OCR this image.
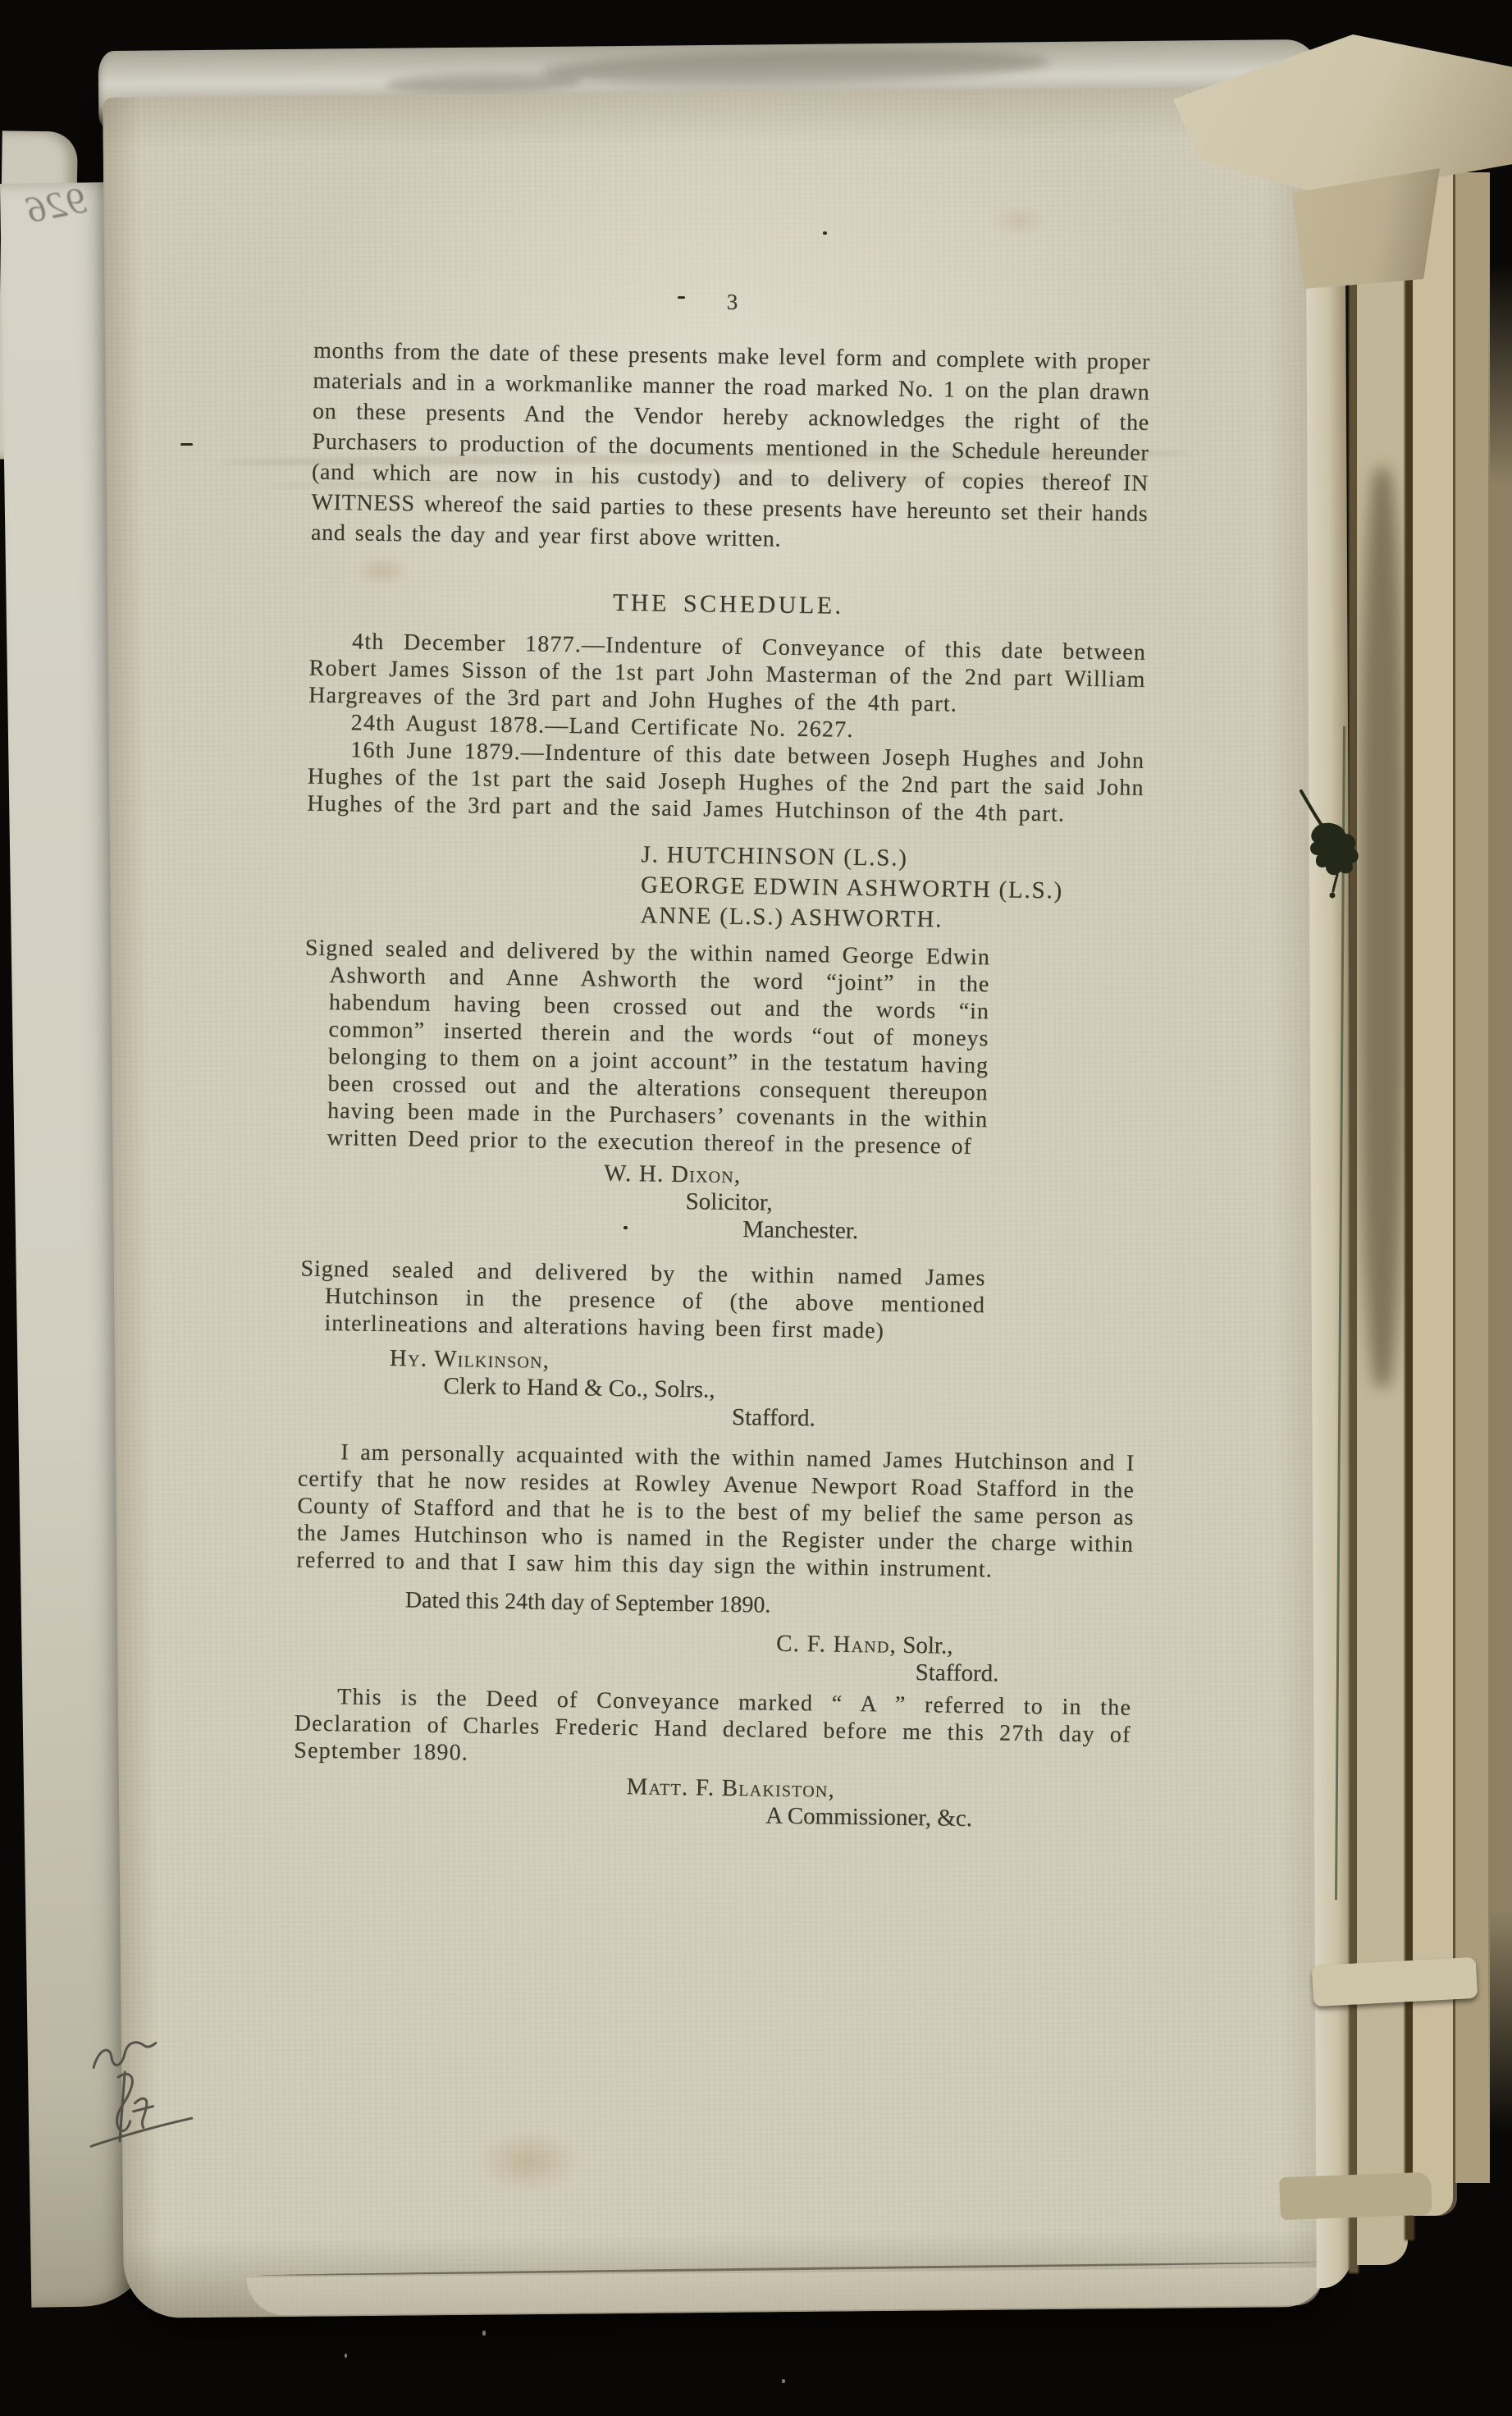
926
3
months from the date of these presents make level form and complete with proper materials and in a workmanlike manner the road marked No. 1 on the plan drawn on these presents And the Vendor hereby acknowledges the right of the Purchasers to production of the documents mentioned in the Schedule hereunder (and which are now in his custody) and to delivery of copies thereof IN WITNESS whereof the said parties to these presents have hereunto set their hands and seals the day and year first above written.
THE SCHEDULE.
4th December 1877.—Indenture of Conveyance of this date between Robert James Sisson of the 1st part John Masterman of the 2nd part William Hargreaves of the 3rd part and John Hughes of the 4th part.
24th August 1878.—Land Certificate No. 2627.
16th June 1879.—Indenture of this date between Joseph Hughes and John Hughes of the 1st part the said Joseph Hughes of the 2nd part the said John Hughes of the 3rd part and the said James Hutchinson of the 4th part.
J. HUTCHINSON (L.S.)
GEORGE EDWIN ASHWORTH (L.S.)
ANNE (L.S.) ASHWORTH.
Signed sealed and delivered by the within named George Edwin Ashworth and Anne Ashworth the word “joint” in the habendum having been crossed out and the words “in common” inserted therein and the words “out of moneys belonging to them on a joint account” in the testatum having been crossed out and the alterations consequent thereupon having been made in the Purchasers’ covenants in the within written Deed prior to the execution thereof in the presence of
W. H. Dixon,
Solicitor,
Manchester.
Signed sealed and delivered by the within named James Hutchinson in the presence of (the above mentioned interlineations and alterations having been first made)
Hy. Wilkinson,
Clerk to Hand & Co., Solrs.,
Stafford.
I am personally acquainted with the within named James Hutchinson and I certify that he now resides at Rowley Avenue Newport Road Stafford in the County of Stafford and that he is to the best of my belief the same person as the James Hutchinson who is named in the Register under the charge within referred to and that I saw him this day sign the within instrument.
Dated this 24th day of September 1890.
C. F. Hand, Solr.,
Stafford.
This is the Deed of Conveyance marked “ A ” referred to in the Declaration of Charles Frederic Hand declared before me this 27th day of September 1890.
Matt. F. Blakiston,
A Commissioner, &c.
